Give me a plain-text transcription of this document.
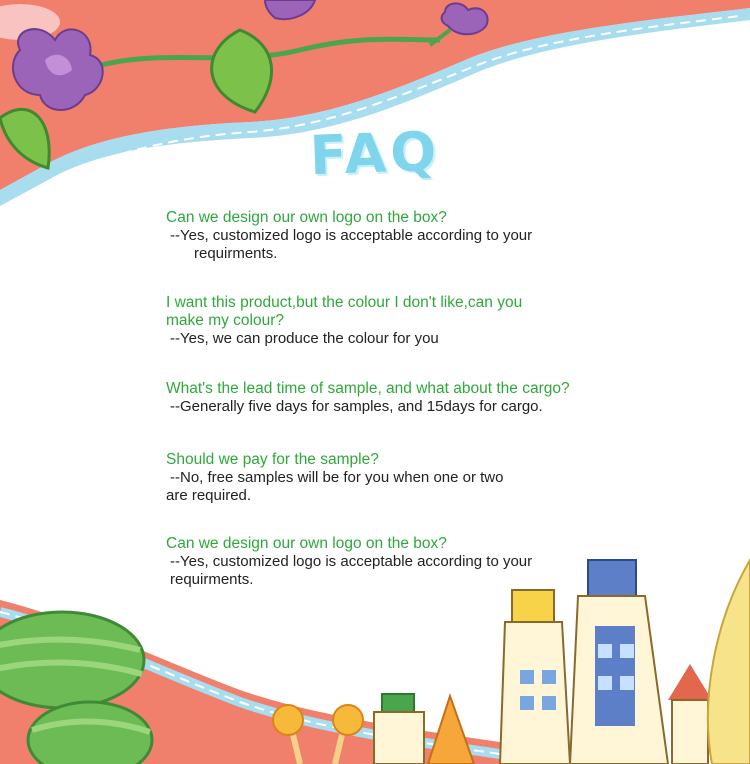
FAQ

Can we design our own logo on the box?

--Yes, customized logo is acceptable according to your
requirments.

I want this product,but the colour I don't like,can you
make my colour?

--Yes, we can produce the colour for you

What's the lead time of sample, and what about the cargo?

--Generally five days for samples, and 15days for cargo.

Should we pay for the sample?

--No, free samples will be for you when one or two
are required.

Can we design our own logo on the box?

--Yes, customized logo is acceptable according to your
requirments.
